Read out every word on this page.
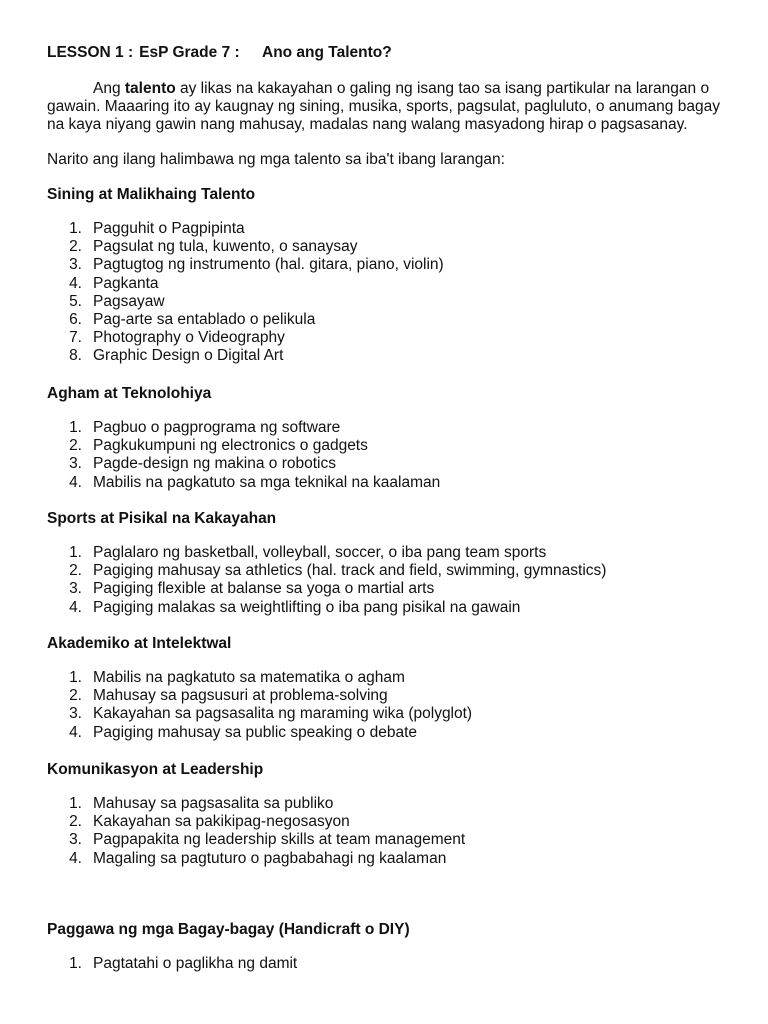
LESSON 1 : EsP Grade 7 : Ano ang Talento?

Ang talento ay likas na kakayahan o galing ng isang tao sa isang partikular na larangan o gawain. Maaaring ito ay kaugnay ng sining, musika, sports, pagsulat, pagluluto, o anumang bagay na kaya niyang gawin nang mahusay, madalas nang walang masyadong hirap o pagsasanay.

Narito ang ilang halimbawa ng mga talento sa iba't ibang larangan:

Sining at Malikhaing Talento

1. Pagguhit o Pagpipinta
2. Pagsulat ng tula, kuwento, o sanaysay
3. Pagtugtog ng instrumento (hal. gitara, piano, violin)
4. Pagkanta
5. Pagsayaw
6. Pag-arte sa entablado o pelikula
7. Photography o Videography
8. Graphic Design o Digital Art

Agham at Teknolohiya

1. Pagbuo o pagprograma ng software
2. Pagkukumpuni ng electronics o gadgets
3. Pagde-design ng makina o robotics
4. Mabilis na pagkatuto sa mga teknikal na kaalaman

Sports at Pisikal na Kakayahan

1. Paglalaro ng basketball, volleyball, soccer, o iba pang team sports
2. Pagiging mahusay sa athletics (hal. track and field, swimming, gymnastics)
3. Pagiging flexible at balanse sa yoga o martial arts
4. Pagiging malakas sa weightlifting o iba pang pisikal na gawain

Akademiko at Intelektwal

1. Mabilis na pagkatuto sa matematika o agham
2. Mahusay sa pagsusuri at problema-solving
3. Kakayahan sa pagsasalita ng maraming wika (polyglot)
4. Pagiging mahusay sa public speaking o debate

Komunikasyon at Leadership

1. Mahusay sa pagsasalita sa publiko
2. Kakayahan sa pakikipag-negosasyon
3. Pagpapakita ng leadership skills at team management
4. Magaling sa pagtuturo o pagbabahagi ng kaalaman

Paggawa ng mga Bagay-bagay (Handicraft o DIY)

1. Pagtatahi o paglikha ng damit
